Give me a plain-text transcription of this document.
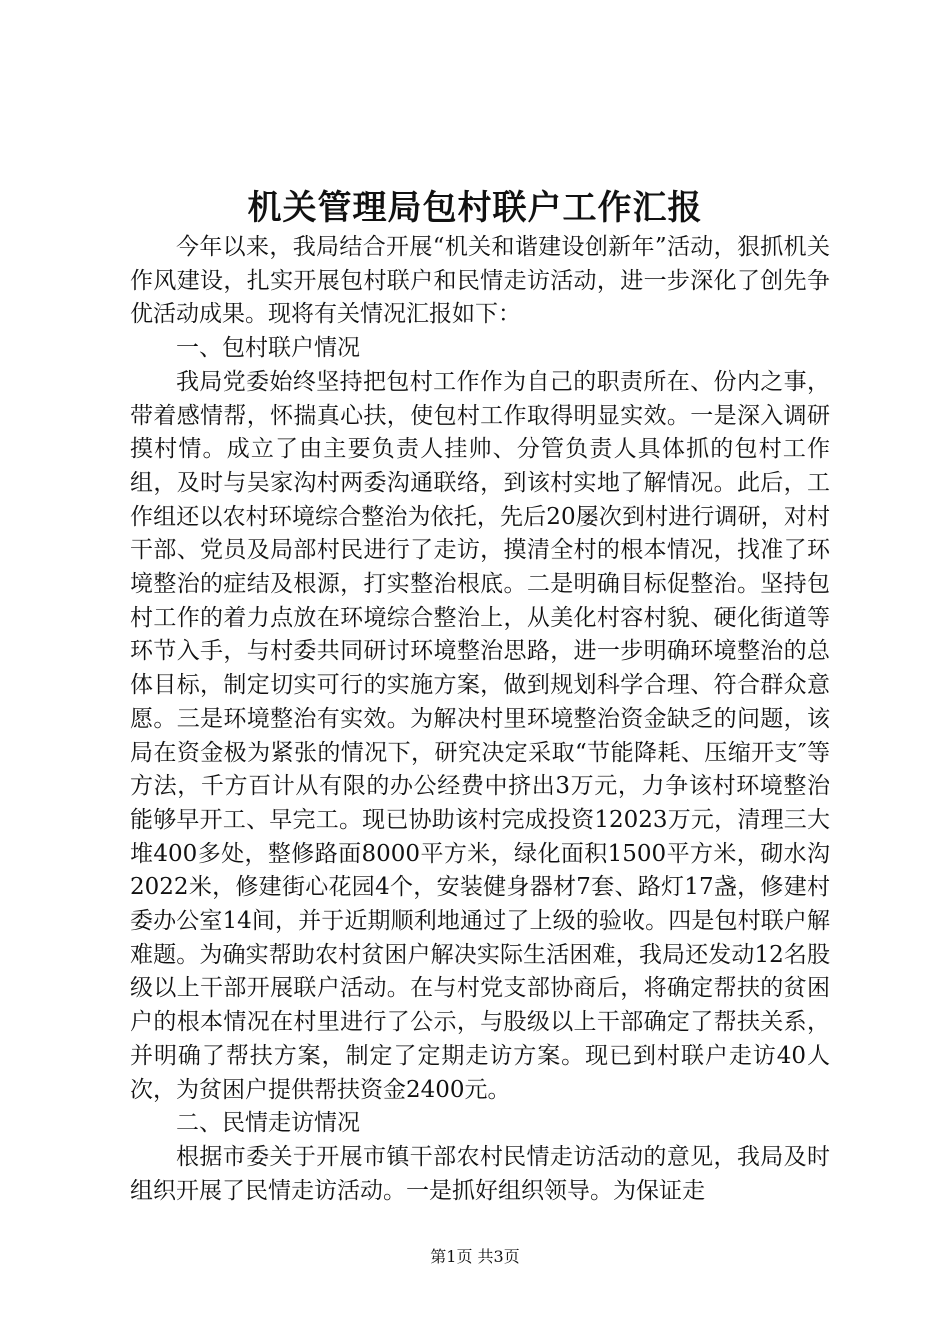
机关管理局包村联户工作汇报

今年以来，我局结合开展“机关和谐建设创新年”活动，狠抓机关作风建设，扎实开展包村联户和民情走访活动，进一步深化了创先争优活动成果。现将有关情况汇报如下：

一、包村联户情况

我局党委始终坚持把包村工作作为自己的职责所在、份内之事，带着感情帮，怀揣真心扶，使包村工作取得明显实效。一是深入调研摸村情。成立了由主要负责人挂帅、分管负责人具体抓的包村工作组，及时与吴家沟村两委沟通联络，到该村实地了解情况。此后，工作组还以农村环境综合整治为依托，先后20屡次到村进行调研，对村干部、党员及局部村民进行了走访，摸清全村的根本情况，找准了环境整治的症结及根源，打实整治根底。二是明确目标促整治。坚持包村工作的着力点放在环境综合整治上，从美化村容村貌、硬化街道等环节入手，与村委共同研讨环境整治思路，进一步明确环境整治的总体目标，制定切实可行的实施方案，做到规划科学合理、符合群众意愿。三是环境整治有实效。为解决村里环境整治资金缺乏的问题，该局在资金极为紧张的情况下，研究决定采取“节能降耗、压缩开支″等方法，千方百计从有限的办公经费中挤出3万元，力争该村环境整治能够早开工、早完工。现已协助该村完成投资12023万元，清理三大堆400多处，整修路面8000平方米，绿化面积1500平方米，砌水沟2022米，修建街心花园4个，安装健身器材7套、路灯17盏，修建村委办公室14间，并于近期顺利地通过了上级的验收。四是包村联户解难题。为确实帮助农村贫困户解决实际生活困难，我局还发动12名股级以上干部开展联户活动。在与村党支部协商后，将确定帮扶的贫困户的根本情况在村里进行了公示，与股级以上干部确定了帮扶关系，并明确了帮扶方案，制定了定期走访方案。现已到村联户走访40人次，为贫困户提供帮扶资金2400元。

二、民情走访情况

根据市委关于开展市镇干部农村民情走访活动的意见，我局及时组织开展了民情走访活动。一是抓好组织领导。为保证走

第1页 共3页
